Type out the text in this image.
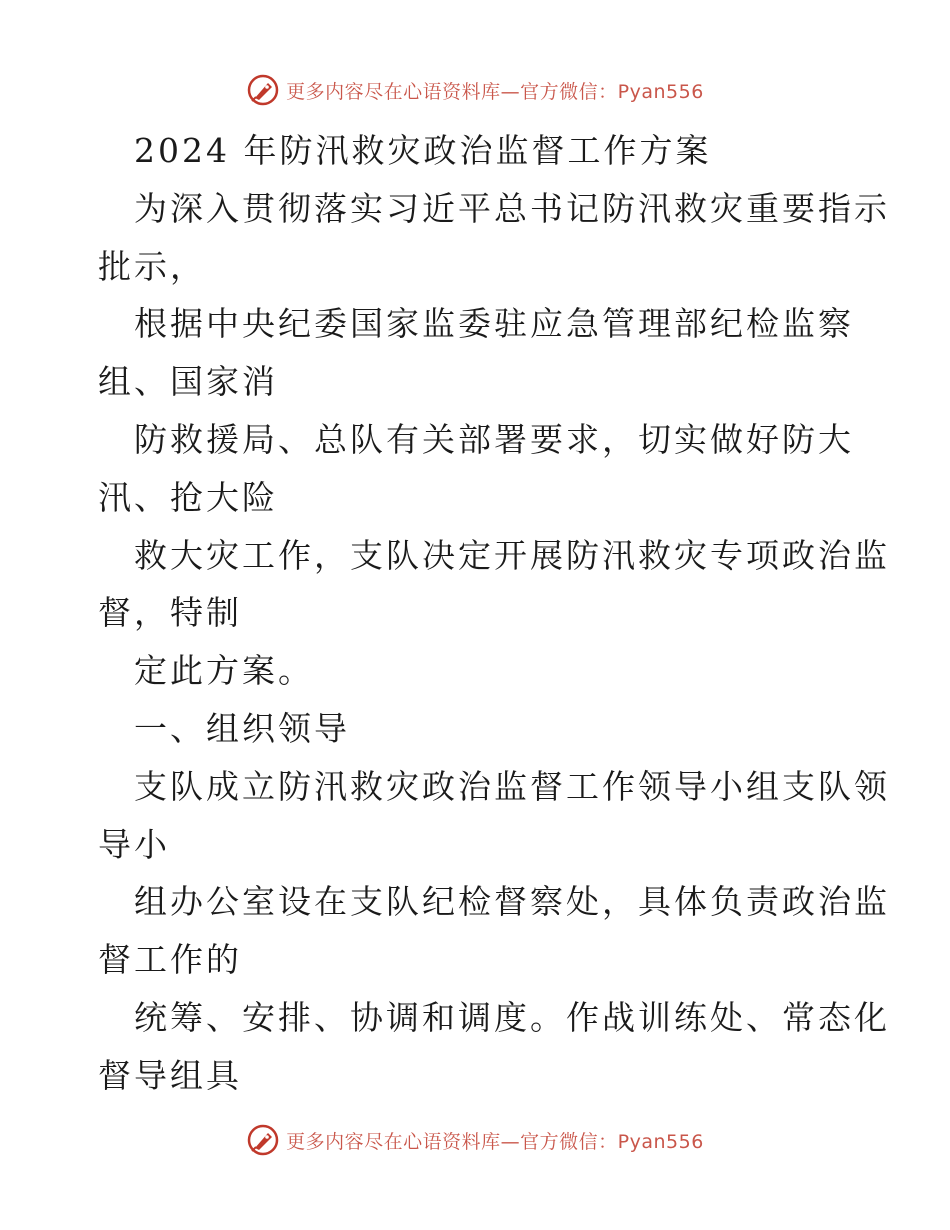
更多内容尽在心语资料库—官方微信：Pyan556
2024 年防汛救灾政治监督工作方案
为深入贯彻落实习近平总书记防汛救灾重要指示
批示，
根据中央纪委国家监委驻应急管理部纪检监察
组、国家消
防救援局、总队有关部署要求，切实做好防大
汛、抢大险
救大灾工作，支队决定开展防汛救灾专项政治监
督，特制
定此方案。
一、组织领导
支队成立防汛救灾政治监督工作领导小组支队领
导小
组办公室设在支队纪检督察处，具体负责政治监
督工作的
统筹、安排、协调和调度。作战训练处、常态化
督导组具
更多内容尽在心语资料库—官方微信：Pyan556
